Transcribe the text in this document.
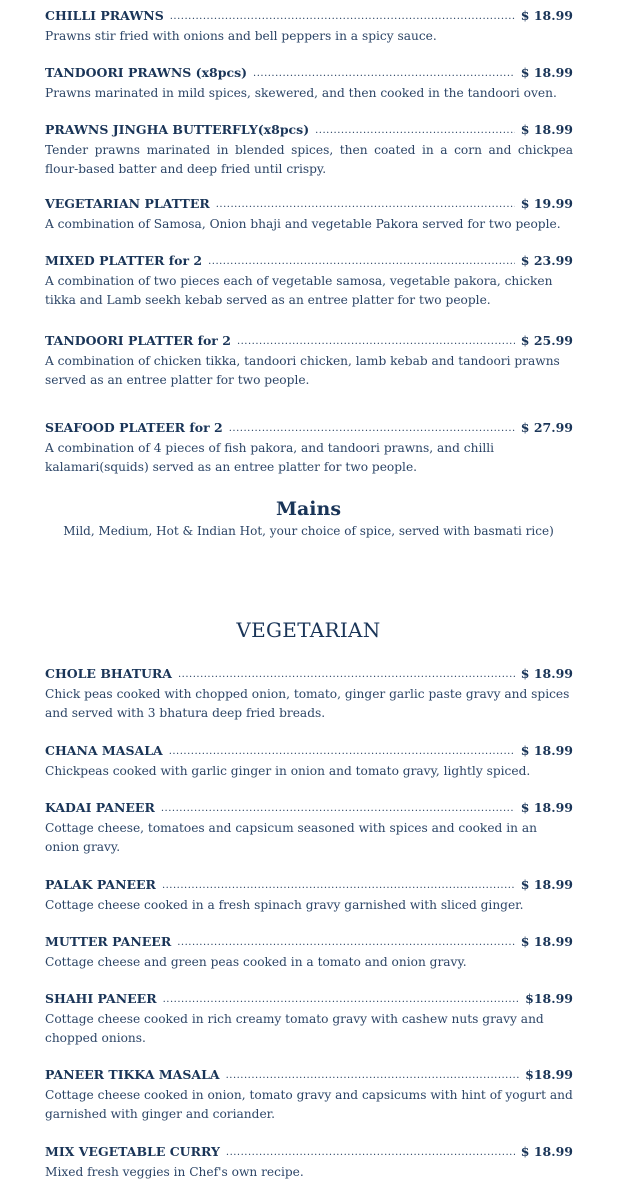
CHILLI PRAWNS .....	$ 18.99
Prawns stir fried with onions and bell peppers in a spicy sauce.
TANDOORI PRAWNS (x8pcs) .....	$ 18.99
Prawns marinated in mild spices, skewered, and then cooked in the tandoori oven.
PRAWNS JINGHA BUTTERFLY(x8pcs) .....	$ 18.99
Tender prawns marinated in blended spices, then coated in a corn and chickpea flour-based batter and deep fried until crispy.
VEGETARIAN PLATTER .....	$ 19.99
A combination of Samosa, Onion bhaji and vegetable Pakora served for two people.
MIXED PLATTER for 2 .....	$ 23.99
A combination of two pieces each of vegetable samosa, vegetable pakora, chicken tikka and Lamb seekh kebab served as an entree platter for two people.
TANDOORI PLATTER for 2 .....	$ 25.99
A combination of chicken tikka, tandoori chicken, lamb kebab and tandoori prawns served as an entree platter for two people.
SEAFOOD PLATEER for 2 .....	$ 27.99
A combination of 4 pieces of fish pakora, and tandoori prawns, and chilli kalamari(squids) served as an entree platter for two people.
Mains
Mild, Medium, Hot & Indian Hot, your choice of spice, served with basmati rice)
VEGETARIAN
CHOLE BHATURA .....	$ 18.99
Chick peas cooked with chopped onion, tomato, ginger garlic paste gravy and spices and served with 3 bhatura deep fried breads.
CHANA MASALA .....	$ 18.99
Chickpeas cooked with garlic ginger in onion and tomato gravy, lightly spiced.
KADAI PANEER .....	$ 18.99
Cottage cheese, tomatoes and capsicum seasoned with spices and cooked in an onion gravy.
PALAK PANEER .....	$ 18.99
Cottage cheese cooked in a fresh spinach gravy garnished with sliced ginger.
MUTTER PANEER .....	$ 18.99
Cottage cheese and green peas cooked in a tomato and onion gravy.
SHAHI PANEER .....	$18.99
Cottage cheese cooked in rich creamy tomato gravy with cashew nuts gravy and chopped onions.
PANEER TIKKA MASALA .....	$18.99
Cottage cheese cooked in onion, tomato gravy and capsicums with hint of yogurt and garnished with ginger and coriander.
MIX VEGETABLE CURRY .....	$ 18.99
Mixed fresh veggies in Chef's own recipe.
